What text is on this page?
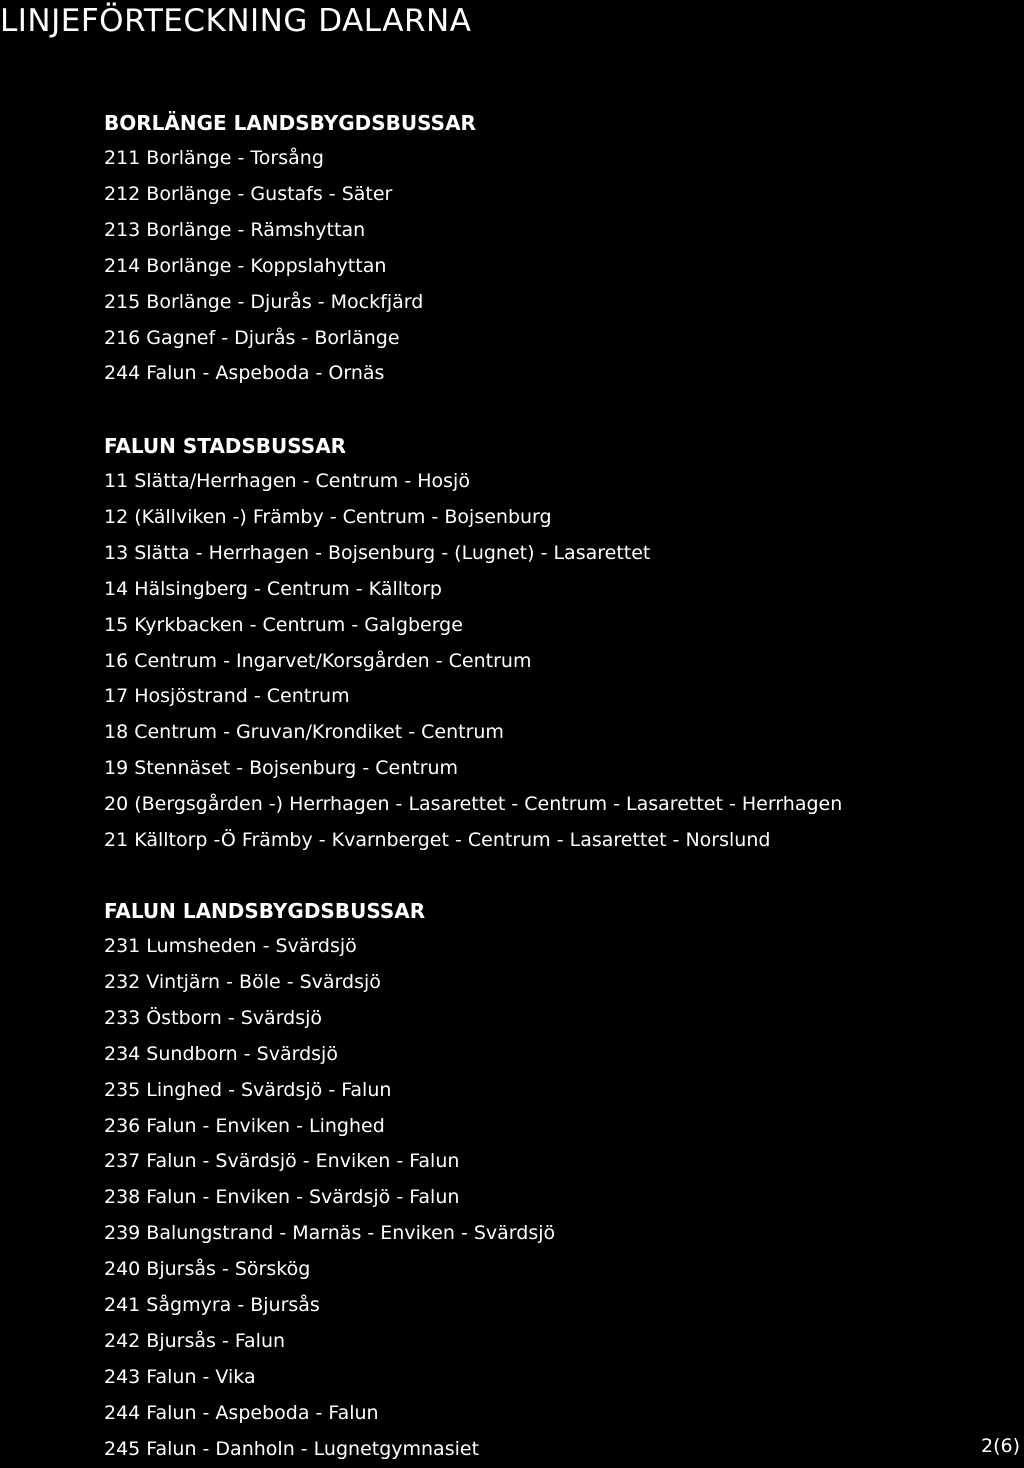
LINJEFÖRTECKNING DALARNA
BORLÄNGE LANDSBYGDSBUSSAR
211 Borlänge - Torsång
212 Borlänge - Gustafs - Säter
213 Borlänge - Rämshyttan
214 Borlänge - Koppslahyttan
215 Borlänge - Djurås - Mockfjärd
216 Gagnef - Djurås - Borlänge
244 Falun - Aspeboda - Ornäs
FALUN STADSBUSSAR
11 Slätta/Herrhagen - Centrum - Hosjö
12 (Källviken -) Främby - Centrum - Bojsenburg
13 Slätta - Herrhagen - Bojsenburg - (Lugnet) - Lasarettet
14 Hälsingberg - Centrum - Källtorp
15 Kyrkbacken - Centrum - Galgberge
16 Centrum - Ingarvet/Korsgården - Centrum
17 Hosjöstrand - Centrum
18 Centrum - Gruvan/Krondiket - Centrum
19 Stennäset - Bojsenburg - Centrum
20 (Bergsgården -) Herrhagen - Lasarettet - Centrum - Lasarettet - Herrhagen
21 Källtorp -Ö Främby - Kvarnberget - Centrum - Lasarettet - Norslund
FALUN LANDSBYGDSBUSSAR
231 Lumsheden - Svärdsjö
232 Vintjärn - Böle - Svärdsjö
233 Östborn - Svärdsjö
234 Sundborn - Svärdsjö
235 Linghed - Svärdsjö - Falun
236 Falun - Enviken - Linghed
237 Falun - Svärdsjö - Enviken - Falun
238 Falun - Enviken - Svärdsjö - Falun
239 Balungstrand - Marnäs - Enviken - Svärdsjö
240 Bjursås - Sörskög
241 Sågmyra - Bjursås
242 Bjursås - Falun
243 Falun - Vika
244 Falun - Aspeboda - Falun
245 Falun - Danholn - Lugnetgymnasiet	2(6)
